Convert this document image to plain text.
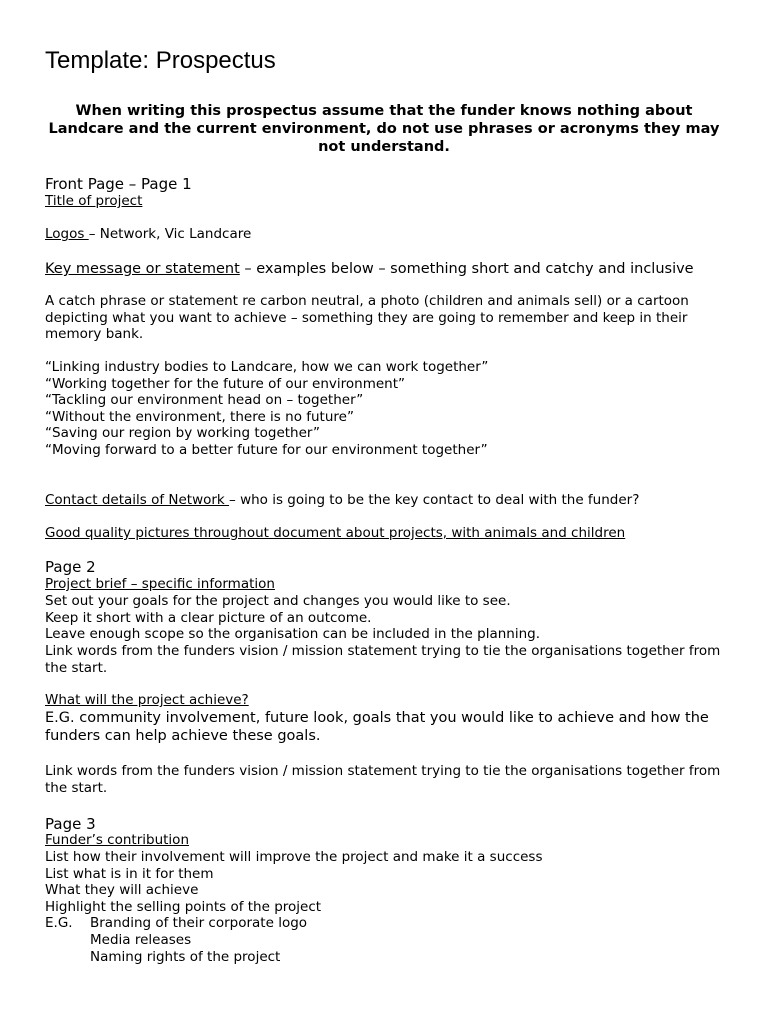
Template: Prospectus
When writing this prospectus assume that the funder knows nothing about Landcare and the current environment, do not use phrases or acronyms they may not understand.
Front Page – Page 1
Title of project
Logos – Network, Vic Landcare
Key message or statement – examples below – something short and catchy and inclusive
A catch phrase or statement re carbon neutral, a photo (children and animals sell) or a cartoon depicting what you want to achieve – something they are going to remember and keep in their memory bank.
“Linking industry bodies to Landcare, how we can work together”
“Working together for the future of our environment”
“Tackling our environment head on – together”
“Without the environment, there is no future”
“Saving our region by working together”
“Moving forward to a better future for our environment together”
Contact details of Network – who is going to be the key contact to deal with the funder?
Good quality pictures throughout document about projects, with animals and children
Page 2
Project brief – specific information
Set out your goals for the project and changes you would like to see.
Keep it short with a clear picture of an outcome.
Leave enough scope so the organisation can be included in the planning.
Link words from the funders vision / mission statement trying to tie the organisations together from the start.
What will the project achieve?
E.G. community involvement, future look, goals that you would like to achieve and how the funders can help achieve these goals.
Link words from the funders vision / mission statement trying to tie the organisations together from the start.
Page 3
Funder’s contribution
List how their involvement will improve the project and make it a success
List what is in it for them
What they will achieve
Highlight the selling points of the project
E.G.	Branding of their corporate logo
Media releases
Naming rights of the project
